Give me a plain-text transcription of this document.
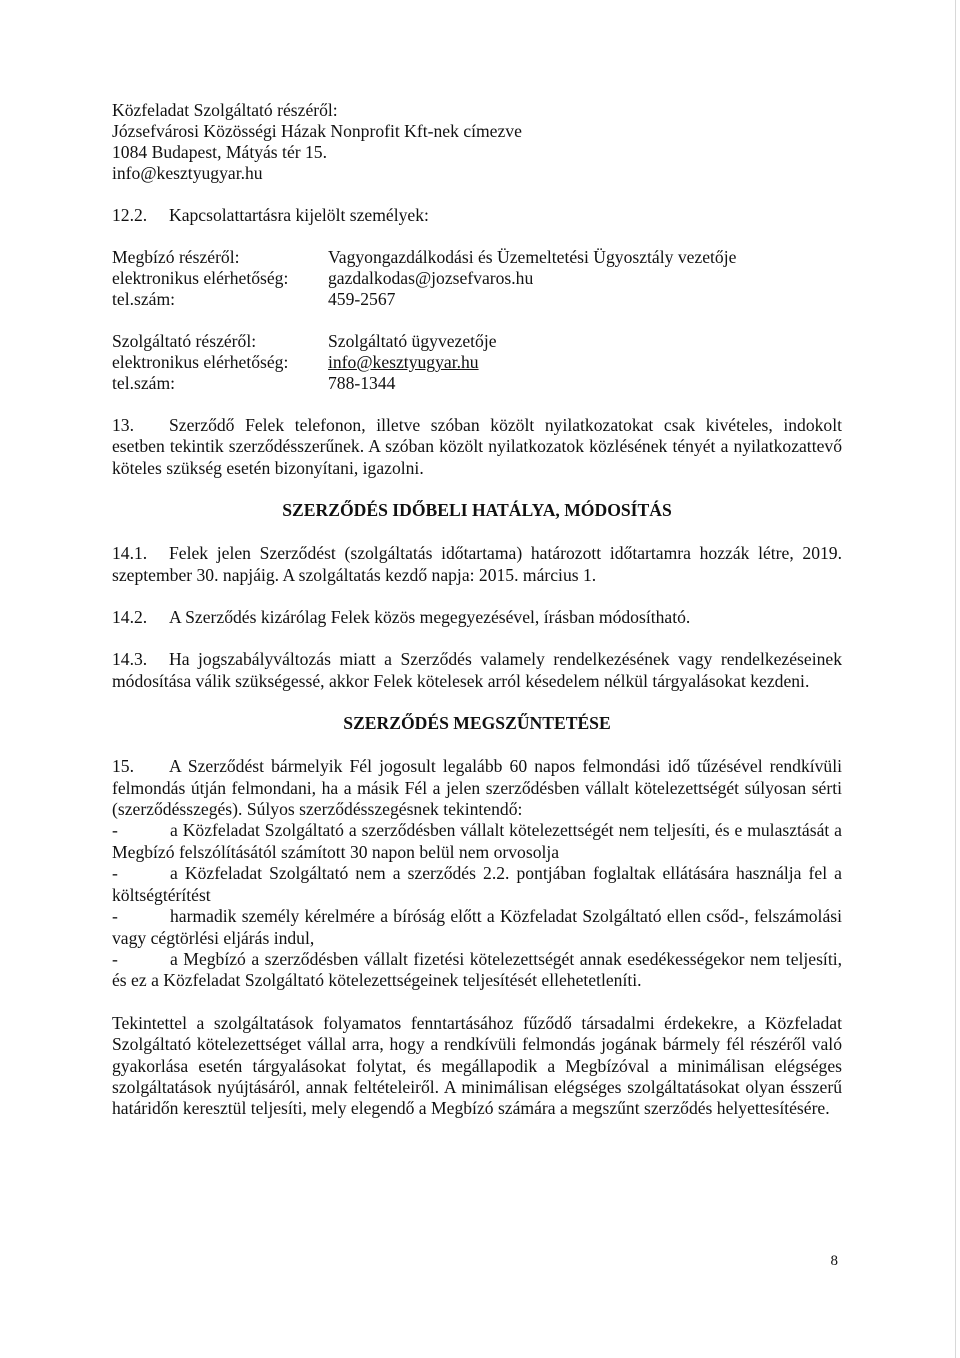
Közfeladat Szolgáltató részéről:

Józsefvárosi Közösségi Házak Nonprofit Kft-nek címezve

1084 Budapest, Mátyás tér 15.

info@kesztyugyar.hu

12.2. Kapcsolattartásra kijelölt személyek:

Megbízó részéről:	Vagyongazdálkodási és Üzemeltetési Ügyosztály vezetője
elektronikus elérhetőség:	gazdalkodas@jozsefvaros.hu
tel.szám:	459-2567
Szolgáltató részéről:	Szolgáltató ügyvezetője
elektronikus elérhetőség:	info@kesztyugyar.hu
tel.szám:	788-1344

13. Szerződő Felek telefonon, illetve szóban közölt nyilatkozatokat csak kivételes, indokolt esetben tekintik szerződésszerűnek. A szóban közölt nyilatkozatok közlésének tényét a nyilatkozattevő köteles szükség esetén bizonyítani, igazolni.

SZERZŐDÉS IDŐBELI HATÁLYA, MÓDOSÍTÁS

14.1. Felek jelen Szerződést (szolgáltatás időtartama) határozott időtartamra hozzák létre, 2019. szeptember 30. napjáig. A szolgáltatás kezdő napja: 2015. március 1.

14.2. A Szerződés kizárólag Felek közös megegyezésével, írásban módosítható.

14.3. Ha jogszabályváltozás miatt a Szerződés valamely rendelkezésének vagy rendelkezéseinek módosítása válik szükségessé, akkor Felek kötelesek arról késedelem nélkül tárgyalásokat kezdeni.

SZERZŐDÉS MEGSZŰNTETÉSE

15. A Szerződést bármelyik Fél jogosult legalább 60 napos felmondási idő tűzésével rendkívüli felmondás útján felmondani, ha a másik Fél a jelen szerződésben vállalt kötelezettségét súlyosan sérti (szerződésszegés). Súlyos szerződésszegésnek tekintendő:

-	a Közfeladat Szolgáltató a szerződésben vállalt kötelezettségét nem teljesíti, és e mulasztását a Megbízó felszólításától számított 30 napon belül nem orvosolja

-	a Közfeladat Szolgáltató nem a szerződés 2.2. pontjában foglaltak ellátására használja fel a költségtérítést

-	harmadik személy kérelmére a bíróság előtt a Közfeladat Szolgáltató ellen csőd-, felszámolási vagy cégtörlési eljárás indul,

-	a Megbízó a szerződésben vállalt fizetési kötelezettségét annak esedékességekor nem teljesíti, és ez a Közfeladat Szolgáltató kötelezettségeinek teljesítését ellehetetleníti.

Tekintettel a szolgáltatások folyamatos fenntartásához fűződő társadalmi érdekekre, a Közfeladat Szolgáltató kötelezettséget vállal arra, hogy a rendkívüli felmondás jogának bármely fél részéről való gyakorlása esetén tárgyalásokat folytat, és megállapodik a Megbízóval a minimálisan elégséges szolgáltatások nyújtásáról, annak feltételeiről. A minimálisan elégséges szolgáltatásokat olyan ésszerű határidőn keresztül teljesíti, mely elegendő a Megbízó számára a megszűnt szerződés helyettesítésére.

8
